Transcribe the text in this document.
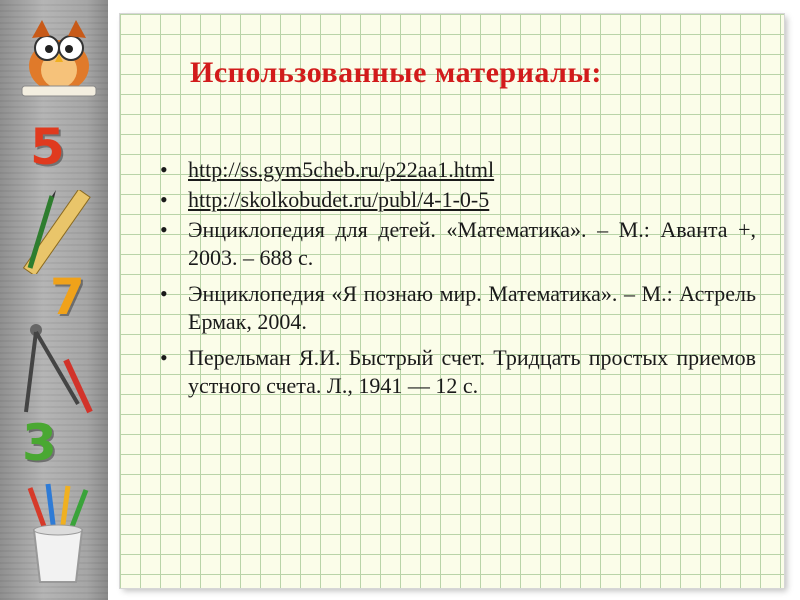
5
7
3
Использованные материалы:
• http://ss.gym5cheb.ru/p22aa1.html
• http://skolkobudet.ru/publ/4-1-0-5
• Энциклопедия для детей. «Математика». – М.: Аванта +, 2003. – 688 с.
• Энциклопедия «Я познаю мир. Математика». – М.: Астрель Ермак, 2004.
• Перельман Я.И. Быстрый счет. Тридцать простых приемов устного счета. Л., 1941 — 12 с.
